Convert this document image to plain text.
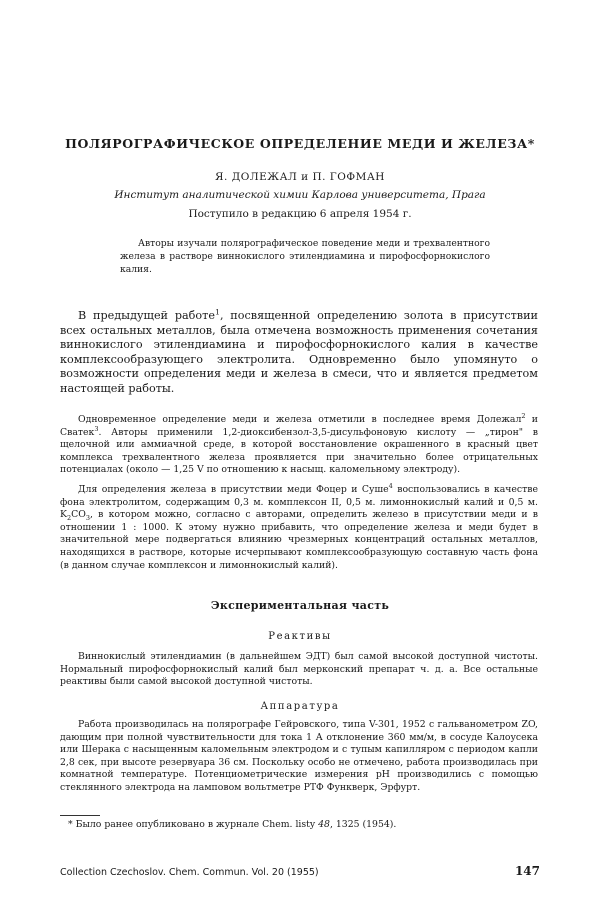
ПОЛЯРОГРАФИЧЕСКОЕ ОПРЕДЕЛЕНИЕ МЕДИ И ЖЕЛЕЗА*
Я. ДОЛЕЖАЛ и П. ГОФМАН
Институт аналитической химии Карлова университета, Прага
Поступило в редакцию 6 апреля 1954 г.
Авторы изучали полярографическое поведение меди и трехвалентного железа в растворе виннокислого этилендиамина и пирофосфорнокислого калия.
В предыдущей работе$^1$, посвященной определению золота в присутствии всех остальных металлов, была отмечена возможность применения сочетания виннокислого этилендиамина и пирофосфорнокислого калия в качестве комплексообразующего электролита. Одновременно было упомянуто о возможности определения меди и железа в смеси, что и является предметом настоящей работы.
Одновременное определение меди и железа отметили в последнее время Долежал$^2$ и Сватек$^3$. Авторы применили 1,2-диоксибензол-3,5-дисульфоновую кислоту — „тирон" в щелочной или аммиачной среде, в которой восстановление окрашенного в красный цвет комплекса трехвалентного железа проявляется при значительно более отрицательных потенциалах (около — 1,25 V по отношению к насыщ. каломельному электроду).
Для определения железа в присутствии меди Фоцер и Суше$^4$ воспользовались в качестве фона электролитом, содержащим 0,3 м. комплексон II, 0,5 м. лимоннокислый калий и 0,5 м. $K_2CO_3$, в котором можно, согласно с авторами, определить железо в присутствии меди и в отношении 1 : 1000. К этому нужно прибавить, что определение железа и меди будет в значительной мере подвергаться влиянию чрезмерных концентраций остальных металлов, находящихся в растворе, которые исчерпывают комплексообразующую составную часть фона (в данном случае комплексон и лимоннокислый калий).
Экспериментальная часть
Реактивы
Виннокислый этилендиамин (в дальнейшем ЭДТ) был самой высокой доступной чистоты. Нормальный пирофосфорнокислый калий был мерконский препарат ч. д. а. Все остальные реактивы были самой высокой доступной чистоты.
Аппаратура
Работа производилась на полярографе Гейровского, типа V-301, 1952 с гальванометром ZO, дающим при полной чувствительности для тока 1 A отклонение 360 мм/м, в сосуде Калоусека или Шерака с насыщенным каломельным электродом и с тупым капилляром с периодом капли 2,8 сек, при высоте резервуара 36 см. Поскольку особо не отмечено, работа производилась при комнатной температуре. Потенциометрические измерения pH производились с помощью стеклянного электрода на ламповом вольтметре РТФ Функверк, Эрфурт.
* Было ранее опубликовано в журнале Chem. listy 48, 1325 (1954).
Collection Czechoslov. Chem. Commun. Vol. 20 (1955)	147
